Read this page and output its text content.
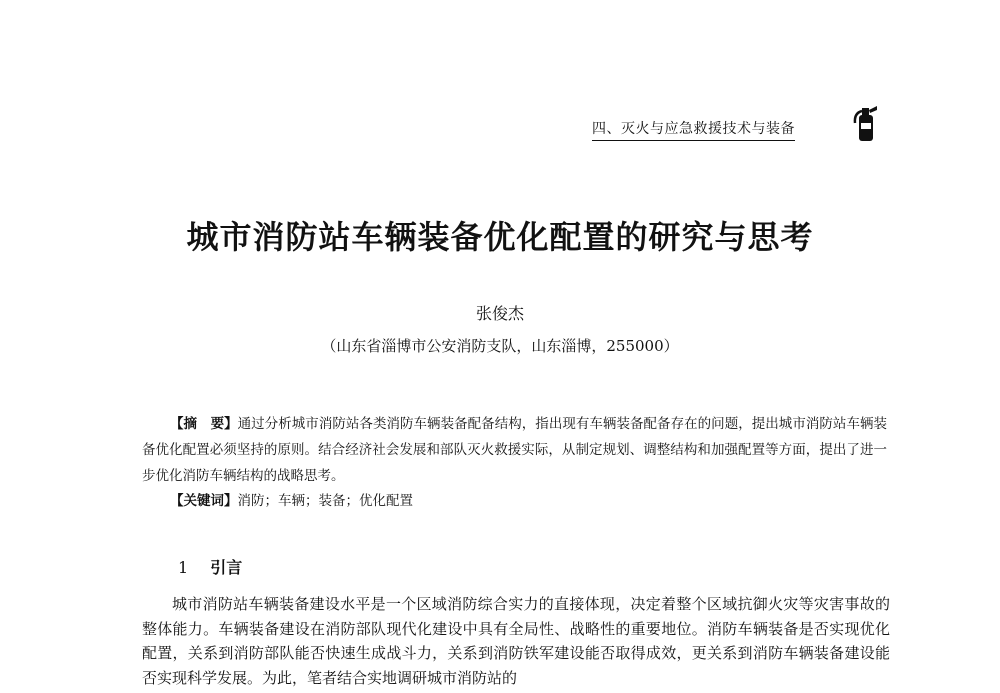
四、灭火与应急救援技术与装备
城市消防站车辆装备优化配置的研究与思考
张俊杰
（山东省淄博市公安消防支队，山东淄博，255000）
【摘　要】通过分析城市消防站各类消防车辆装备配备结构，指出现有车辆装备配备存在的问题，提出城市消防站车辆装备优化配置必须坚持的原则。结合经济社会发展和部队灭火救援实际，从制定规划、调整结构和加强配置等方面，提出了进一步优化消防车辆结构的战略思考。
【关键词】消防；车辆；装备；优化配置
1 引言

城市消防站车辆装备建设水平是一个区域消防综合实力的直接体现，决定着整个区域抗御火灾等灾害事故的整体能力。车辆装备建设在消防部队现代化建设中具有全局性、战略性的重要地位。消防车辆装备是否实现优化配置，关系到消防部队能否快速生成战斗力，关系到消防铁军建设能否取得成效，更关系到消防车辆装备建设能否实现科学发展。为此，笔者结合实地调研城市消防站的
